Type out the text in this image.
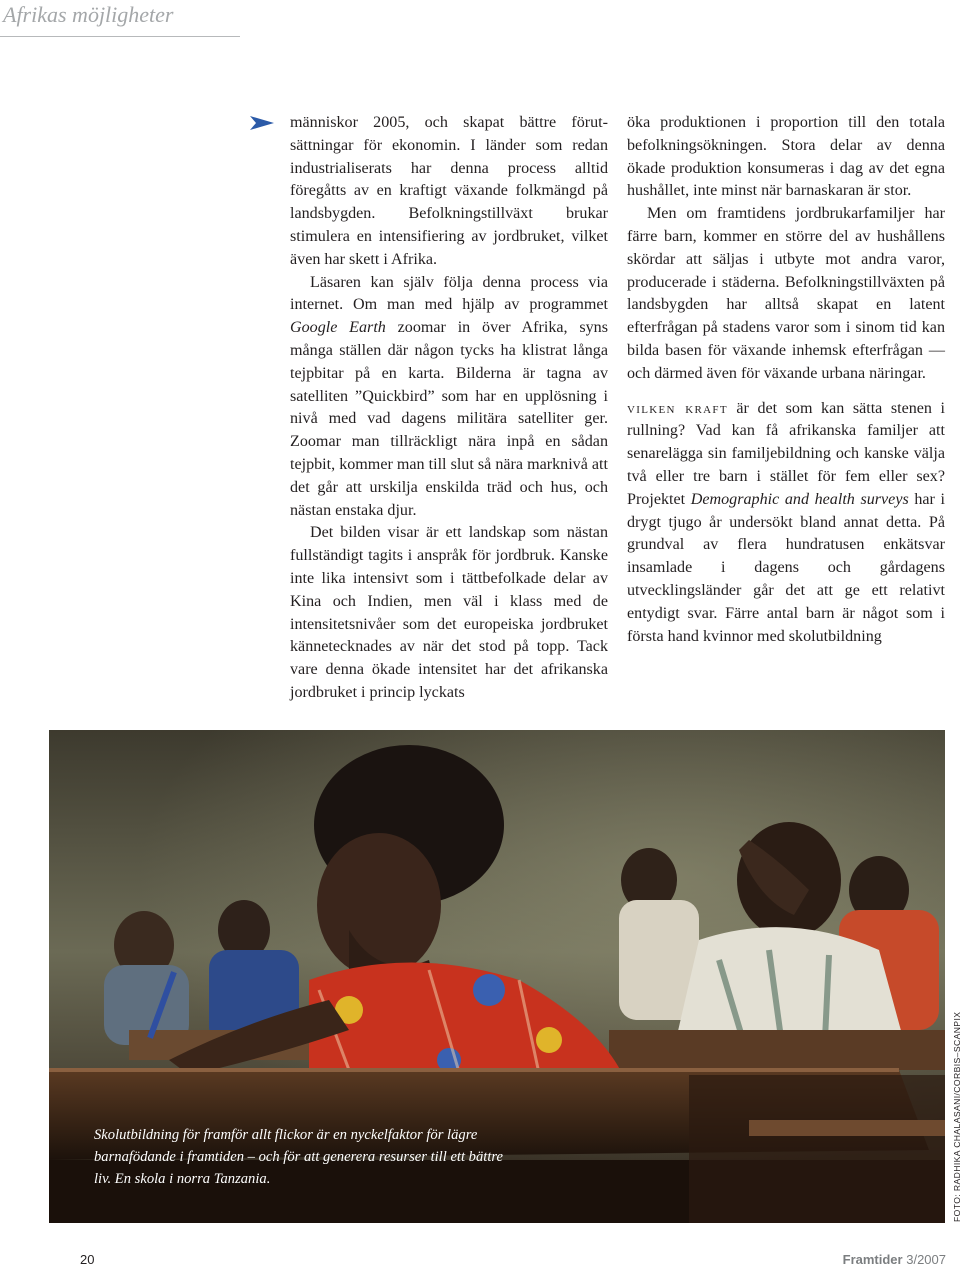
Afrikas möjligheter

människor 2005, och skapat bättre förutsättningar för ekonomin. I länder som redan industrialiserats har denna process alltid föregåtts av en kraftigt växande folkmängd på landsbygden. Befolkningstillväxt brukar stimulera en intensifiering av jordbruket, vilket även har skett i Afrika.

Läsaren kan själv följa denna process via internet. Om man med hjälp av programmet Google Earth zoomar in över Afrika, syns många ställen där någon tycks ha klistrat långa tejpbitar på en karta. Bilderna är tagna av satelliten ”Quickbird” som har en upplösning i nivå med vad dagens militära satelliter ger. Zoomar man tillräckligt nära inpå en sådan tejpbit, kommer man till slut så nära marknivå att det går att urskilja enskilda träd och hus, och nästan enstaka djur.

Det bilden visar är ett landskap som nästan fullständigt tagits i anspråk för jordbruk. Kanske inte lika intensivt som i tättbefolkade delar av Kina och Indien, men väl i klass med de intensitetsnivåer som det europeiska jordbruket kännetecknades av när det stod på topp. Tack vare denna ökade intensitet har det afrikanska jordbruket i princip lyckats

öka produktionen i proportion till den totala befolkningsökningen. Stora delar av denna ökade produktion konsumeras i dag av det egna hushållet, inte minst när barnaskaran är stor.

Men om framtidens jordbrukarfamiljer har färre barn, kommer en större del av hushållens skördar att säljas i utbyte mot andra varor, producerade i städerna. Befolkningstillväxten på landsbygden har alltså skapat en latent efterfrågan på stadens varor som i sinom tid kan bilda basen för växande inhemsk efterfrågan — och därmed även för växande urbana näringar.

vilken kraft är det som kan sätta stenen i rullning? Vad kan få afrikanska familjer att senarelägga sin familjebildning och kanske välja två eller tre barn i stället för fem eller sex? Projektet Demographic and health surveys har i drygt tjugo år undersökt bland annat detta. På grundval av flera hundratusen enkätsvar insamlade i dagens och gårdagens utvecklingsländer går det att ge ett relativt entydigt svar. Färre antal barn är något som i första hand kvinnor med skolutbildning

Skolutbildning för framför allt flickor är en nyckelfaktor för lägre barnafödande i framtiden – och för att generera resurser till ett bättre liv. En skola i norra Tanzania.	FOTO: RADHIKA CHALASANI/CORBIS–SCANPIX
20	Framtider 3/2007
